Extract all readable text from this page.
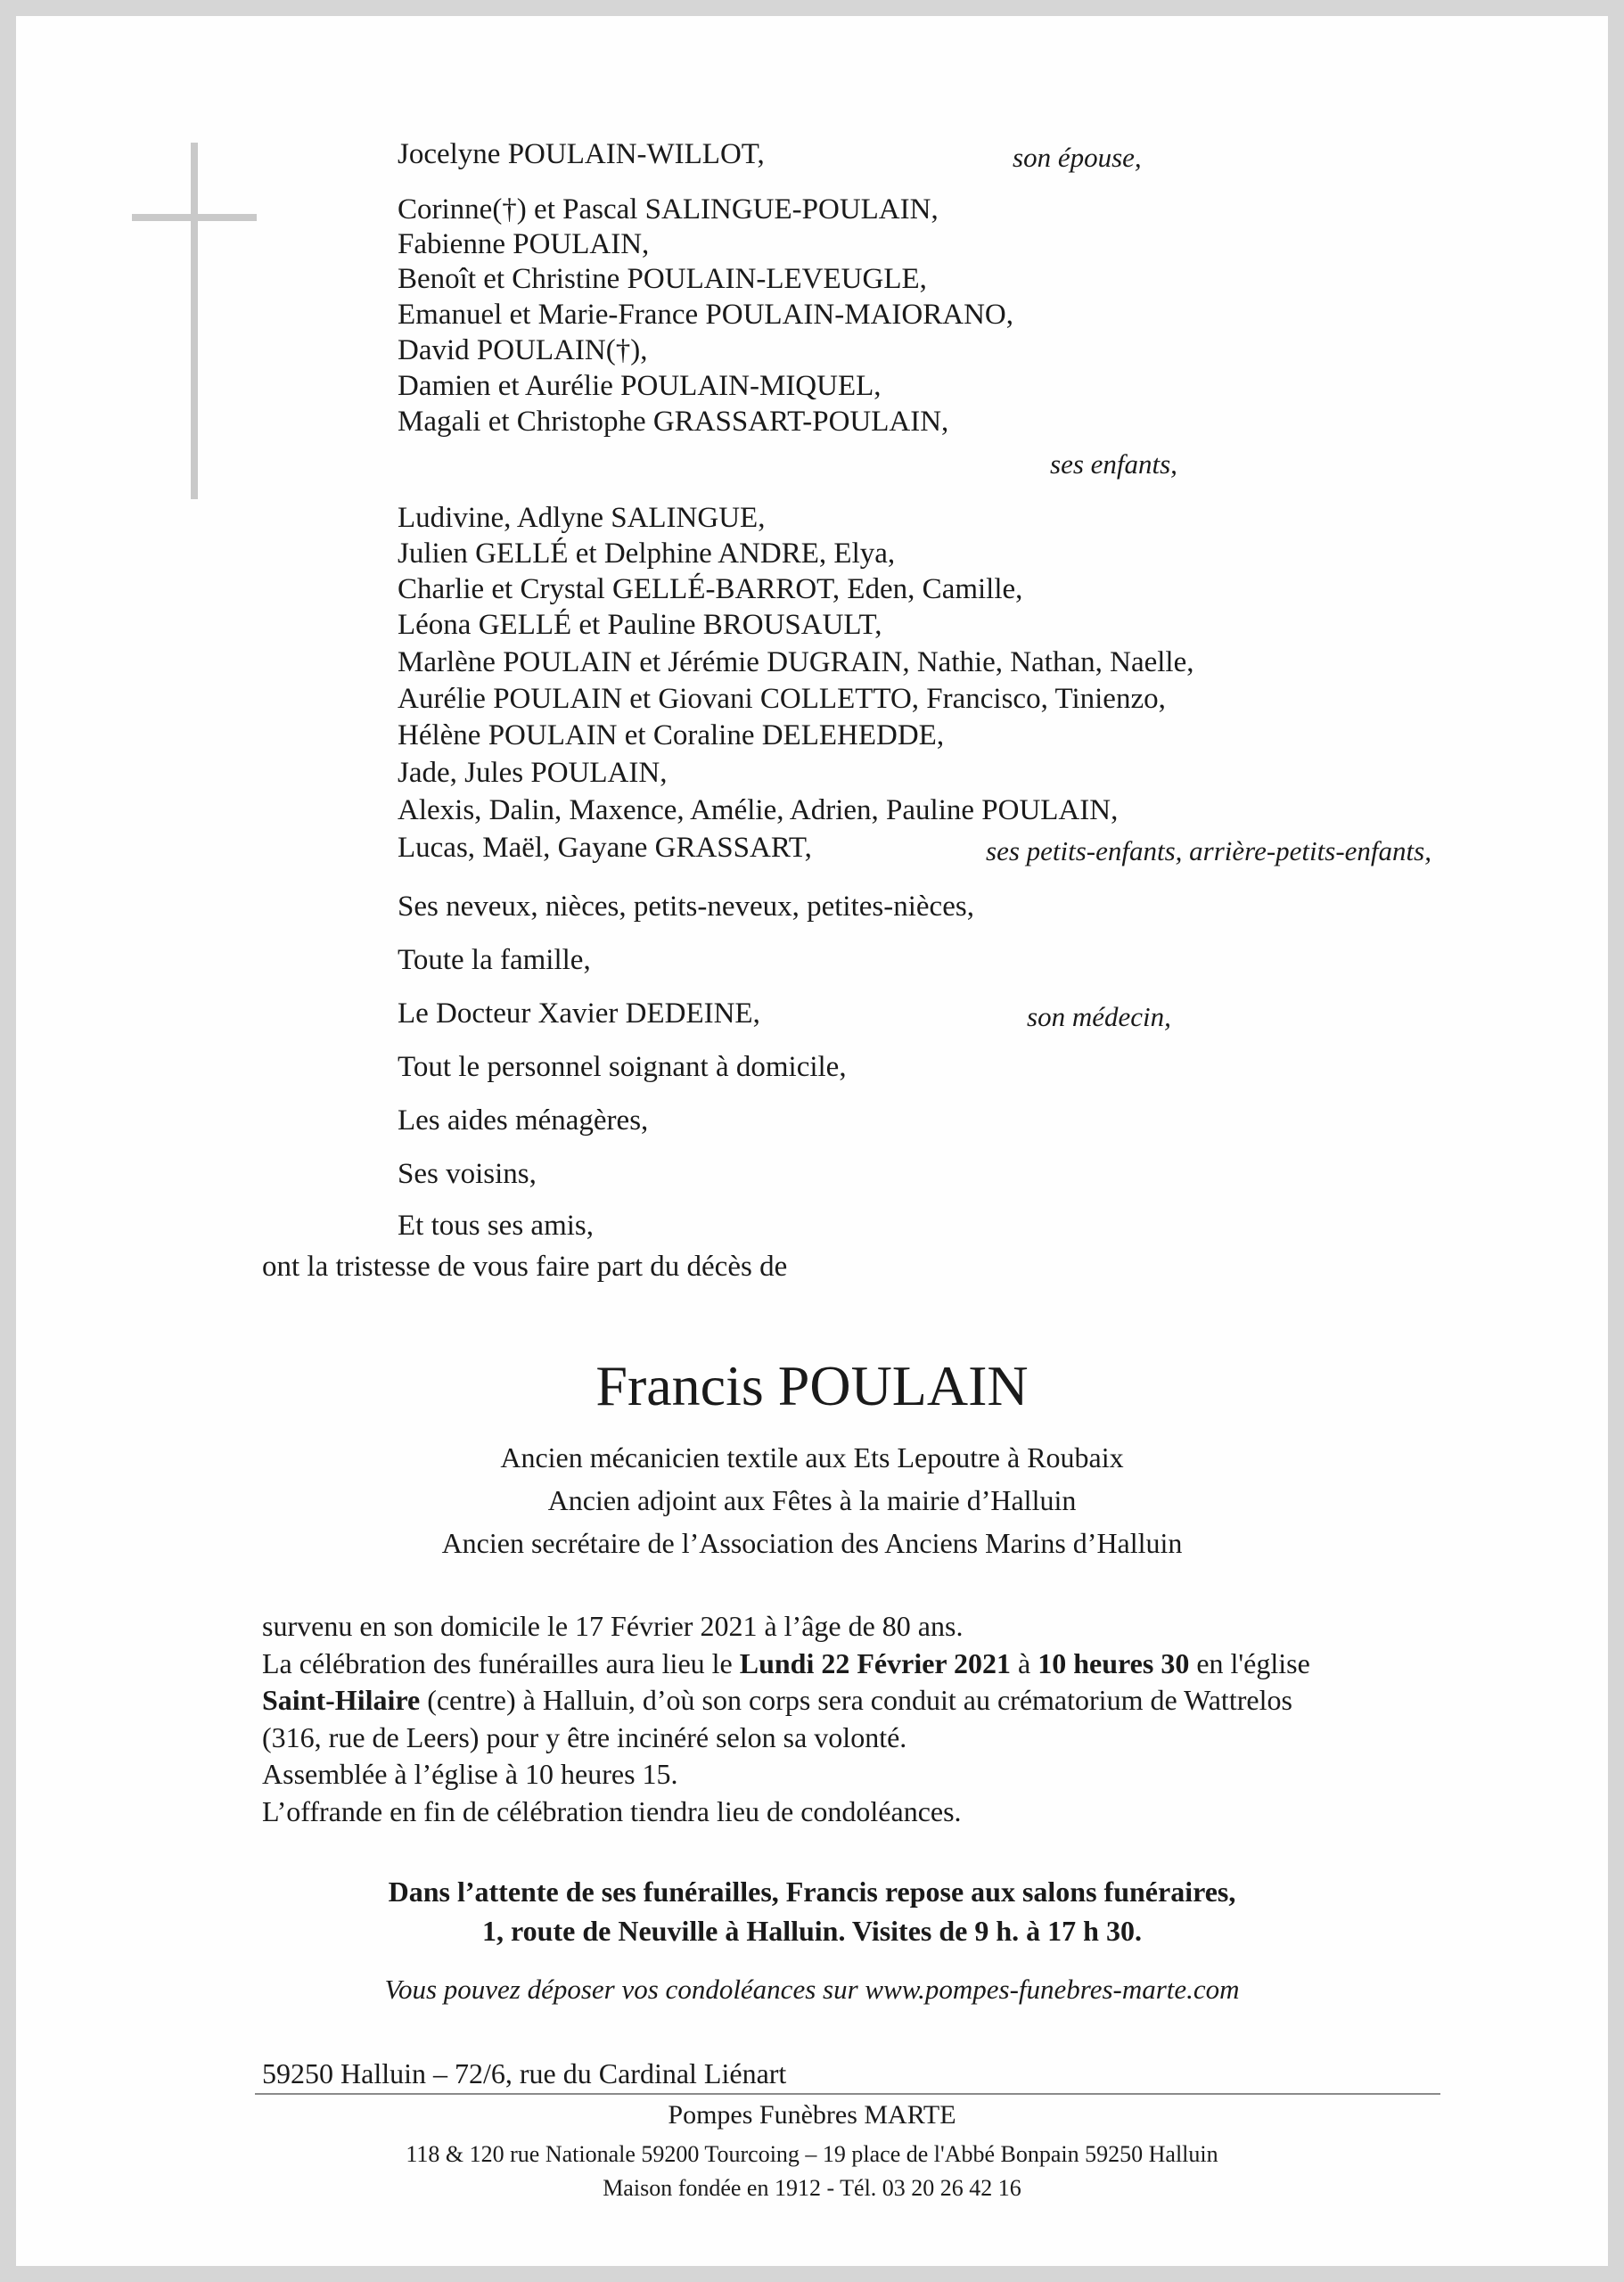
Jocelyne POULAIN-WILLOT,	son épouse,
Corinne(†) et Pascal SALINGUE-POULAIN,
Fabienne POULAIN,
Benoît et Christine POULAIN-LEVEUGLE,
Emanuel et Marie-France POULAIN-MAIORANO,
David POULAIN(†),
Damien et Aurélie POULAIN-MIQUEL,
Magali et Christophe GRASSART-POULAIN,
ses enfants,
Ludivine, Adlyne SALINGUE,
Julien GELLÉ et Delphine ANDRE, Elya,
Charlie et Crystal GELLÉ-BARROT, Eden, Camille,
Léona GELLÉ et Pauline BROUSAULT,
Marlène POULAIN et Jérémie DUGRAIN, Nathie, Nathan, Naelle,
Aurélie POULAIN et Giovani COLLETTO, Francisco, Tinienzo,
Hélène POULAIN et Coraline DELEHEDDE,
Jade, Jules POULAIN,
Alexis, Dalin, Maxence, Amélie, Adrien, Pauline POULAIN,
Lucas, Maël, Gayane GRASSART,	ses petits-enfants, arrière-petits-enfants,
Ses neveux, nièces, petits-neveux, petites-nièces,
Toute la famille,
Le Docteur Xavier DEDEINE,	son médecin,
Tout le personnel soignant à domicile,
Les aides ménagères,
Ses voisins,
Et tous ses amis,
ont la tristesse de vous faire part du décès de
Francis POULAIN
Ancien mécanicien textile aux Ets Lepoutre à Roubaix
Ancien adjoint aux Fêtes à la mairie d’Halluin
Ancien secrétaire de l’Association des Anciens Marins d’Halluin
survenu en son domicile le 17 Février 2021 à l’âge de 80 ans.
La célébration des funérailles aura lieu le Lundi 22 Février 2021 à 10 heures 30 en l'église
Saint-Hilaire (centre) à Halluin, d’où son corps sera conduit au crématorium de Wattrelos
(316, rue de Leers) pour y être incinéré selon sa volonté.
Assemblée à l’église à 10 heures 15.
L’offrande en fin de célébration tiendra lieu de condoléances.
Dans l’attente de ses funérailles, Francis repose aux salons funéraires,
1, route de Neuville à Halluin. Visites de 9 h. à 17 h 30.
Vous pouvez déposer vos condoléances sur www.pompes-funebres-marte.com
59250 Halluin – 72/6, rue du Cardinal Liénart
Pompes Funèbres MARTE
118 & 120 rue Nationale 59200 Tourcoing – 19 place de l'Abbé Bonpain 59250 Halluin
Maison fondée en 1912 - Tél. 03 20 26 42 16
